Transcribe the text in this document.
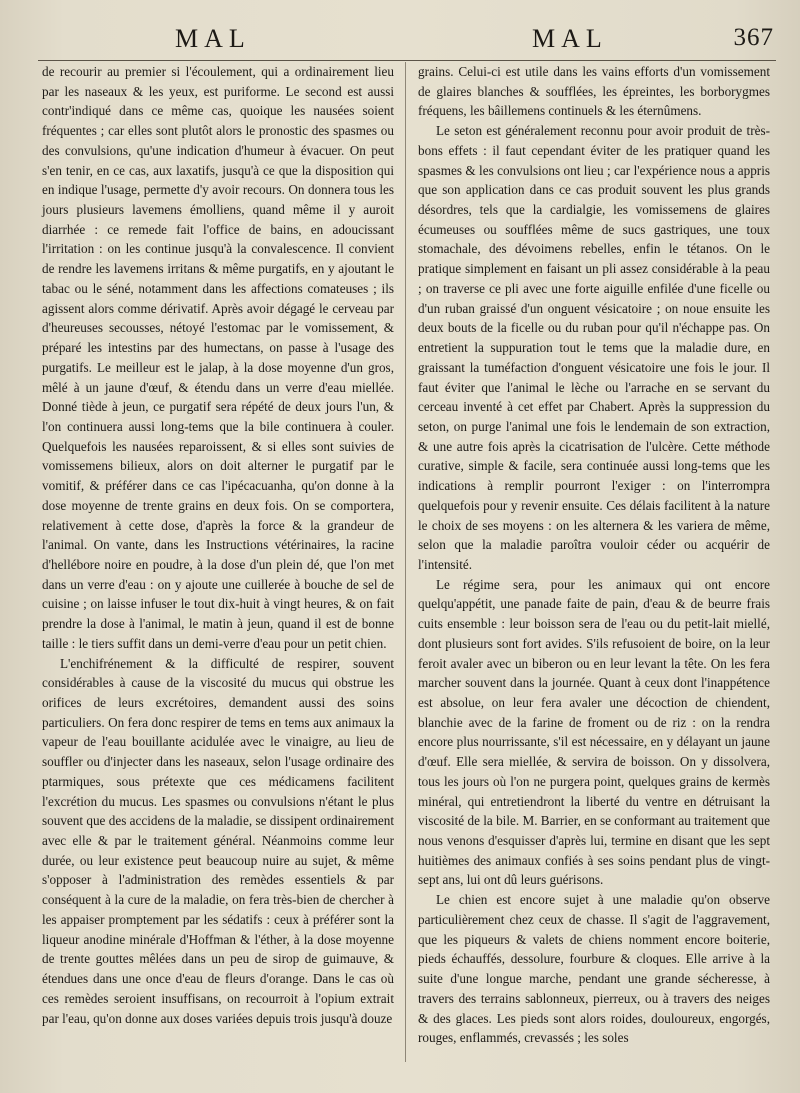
MAL	MAL	367

de recourir au premier si l'écoulement, qui a ordinairement lieu par les naseaux & les yeux, est puriforme. Le second est aussi contr'indiqué dans ce même cas, quoique les nausées soient fréquentes ; car elles sont plutôt alors le pronostic des spasmes ou des convulsions, qu'une indication d'humeur à évacuer. On peut s'en tenir, en ce cas, aux laxatifs, jusqu'à ce que la disposition qui en indique l'usage, permette d'y avoir recours. On donnera tous les jours plusieurs lavemens émolliens, quand même il y auroit diarrhée : ce remede fait l'office de bains, en adoucissant l'irritation : on les continue jusqu'à la convalescence. Il convient de rendre les lavemens irritans & même purgatifs, en y ajoutant le tabac ou le séné, notamment dans les affections comateuses ; ils agissent alors comme dérivatif. Après avoir dégagé le cerveau par d'heureuses secousses, nétoyé l'estomac par le vomissement, & préparé les intestins par des humectans, on passe à l'usage des purgatifs. Le meilleur est le jalap, à la dose moyenne d'un gros, mêlé à un jaune d'œuf, & étendu dans un verre d'eau miellée. Donné tiède à jeun, ce purgatif sera répété de deux jours l'un, & l'on continuera aussi long-tems que la bile continuera à couler. Quelquefois les nausées reparoissent, & si elles sont suivies de vomissemens bilieux, alors on doit alterner le purgatif par le vomitif, & préférer dans ce cas l'ipécacuanha, qu'on donne à la dose moyenne de trente grains en deux fois. On se comportera, relativement à cette dose, d'après la force & la grandeur de l'animal. On vante, dans les Instructions vétérinaires, la racine d'hellébore noire en poudre, à la dose d'un plein dé, que l'on met dans un verre d'eau : on y ajoute une cuillerée à bouche de sel de cuisine ; on laisse infuser le tout dix-huit à vingt heures, & on fait prendre la dose à l'animal, le matin à jeun, quand il est de bonne taille : le tiers suffit dans un demi-verre d'eau pour un petit chien.

L'enchifrénement & la difficulté de respirer, souvent considérables à cause de la viscosité du mucus qui obstrue les orifices de leurs excrétoires, demandent aussi des soins particuliers. On fera donc respirer de tems en tems aux animaux la vapeur de l'eau bouillante acidulée avec le vinaigre, au lieu de souffler ou d'injecter dans les naseaux, selon l'usage ordinaire des ptarmiques, sous prétexte que ces médicamens facilitent l'excrétion du mucus. Les spasmes ou convulsions n'étant le plus souvent que des accidens de la maladie, se dissipent ordinairement avec elle & par le traitement général. Néanmoins comme leur durée, ou leur existence peut beaucoup nuire au sujet, & même s'opposer à l'administration des remèdes essentiels & par conséquent à la cure de la maladie, on fera très-bien de chercher à les appaiser promptement par les sédatifs : ceux à préférer sont la liqueur anodine minérale d'Hoffman & l'éther, à la dose moyenne de trente gouttes mêlées dans un peu de sirop de guimauve, & étendues dans une once d'eau de fleurs d'orange. Dans le cas où ces remèdes seroient insuffisans, on recourroit à l'opium extrait par l'eau, qu'on donne aux doses variées depuis trois jusqu'à douze

grains. Celui-ci est utile dans les vains efforts d'un vomissement de glaires blanches & soufflées, les épreintes, les borborygmes fréquens, les bâillemens continuels & les éternûmens.

Le seton est généralement reconnu pour avoir produit de très-bons effets : il faut cependant éviter de les pratiquer quand les spasmes & les convulsions ont lieu ; car l'expérience nous a appris que son application dans ce cas produit souvent les plus grands désordres, tels que la cardialgie, les vomissemens de glaires écumeuses ou soufflées même de sucs gastriques, une toux stomachale, des dévoimens rebelles, enfin le tétanos. On le pratique simplement en faisant un pli assez considérable à la peau ; on traverse ce pli avec une forte aiguille enfilée d'une ficelle ou d'un ruban graissé d'un onguent vésicatoire ; on noue ensuite les deux bouts de la ficelle ou du ruban pour qu'il n'échappe pas. On entretient la suppuration tout le tems que la maladie dure, en graissant la tuméfaction d'onguent vésicatoire une fois le jour. Il faut éviter que l'animal le lèche ou l'arrache en se servant du cerceau inventé à cet effet par Chabert. Après la suppression du seton, on purge l'animal une fois le lendemain de son extraction, & une autre fois après la cicatrisation de l'ulcère. Cette méthode curative, simple & facile, sera continuée aussi long-tems que les indications à remplir pourront l'exiger : on l'interrompra quelquefois pour y revenir ensuite. Ces délais facilitent à la nature le choix de ses moyens : on les alternera & les variera de même, selon que la maladie paroîtra vouloir céder ou acquérir de l'intensité.

Le régime sera, pour les animaux qui ont encore quelqu'appétit, une panade faite de pain, d'eau & de beurre frais cuits ensemble : leur boisson sera de l'eau ou du petit-lait miellé, dont plusieurs sont fort avides. S'ils refusoient de boire, on la leur feroit avaler avec un biberon ou en leur levant la tête. On les fera marcher souvent dans la journée. Quant à ceux dont l'inappétence est absolue, on leur fera avaler une décoction de chiendent, blanchie avec de la farine de froment ou de riz : on la rendra encore plus nourrissante, s'il est nécessaire, en y délayant un jaune d'œuf. Elle sera miellée, & servira de boisson. On y dissolvera, tous les jours où l'on ne purgera point, quelques grains de kermès minéral, qui entretiendront la liberté du ventre en détruisant la viscosité de la bile. M. Barrier, en se conformant au traitement que nous venons d'esquisser d'après lui, termine en disant que les sept huitièmes des animaux confiés à ses soins pendant plus de vingt-sept ans, lui ont dû leurs guérisons.

Le chien est encore sujet à une maladie qu'on observe particulièrement chez ceux de chasse. Il s'agit de l'aggravement, que les piqueurs & valets de chiens nomment encore boiterie, pieds échauffés, dessolure, fourbure & cloques. Elle arrive à la suite d'une longue marche, pendant une grande sécheresse, à travers des terrains sablonneux, pierreux, ou à travers des neiges & des glaces. Les pieds sont alors roides, douloureux, engorgés, rouges, enflammés, crevassés ; les soles
